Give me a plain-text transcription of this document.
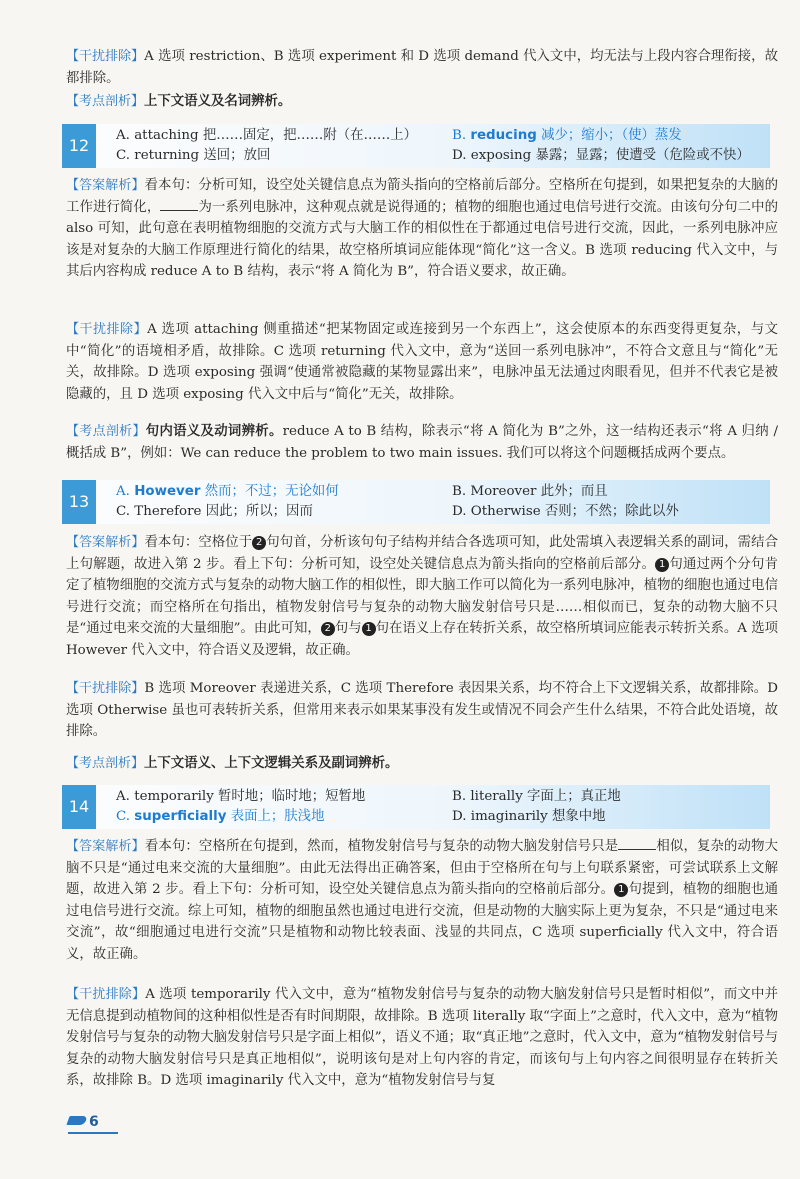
【干扰排除】A 选项 restriction、B 选项 experiment 和 D 选项 demand 代入文中，均无法与上段内容合理衔接，故都排除。

【考点剖析】上下文语义及名词辨析。

12
A. attaching 把……固定，把……附（在……上）	B. reducing 减少；缩小；（使）蒸发
C. returning 送回；放回	D. exposing 暴露；显露；使遭受（危险或不快）

【答案解析】看本句：分析可知，设空处关键信息点为箭头指向的空格前后部分。空格所在句提到，如果把复杂的大脑的工作进行简化，	为一系列电脉冲，这种观点就是说得通的；植物的细胞也通过电信号进行交流。由该句分句二中的 also 可知，此句意在表明植物细胞的交流方式与大脑工作的相似性在于都通过电信号进行交流，因此，一系列电脉冲应该是对复杂的大脑工作原理进行简化的结果，故空格所填词应能体现“简化”这一含义。B 选项 reducing 代入文中，与其后内容构成 reduce A to B 结构，表示“将 A 简化为 B”，符合语义要求，故正确。

【干扰排除】A 选项 attaching 侧重描述“把某物固定或连接到另一个东西上”，这会使原本的东西变得更复杂，与文中“简化”的语境相矛盾，故排除。C 选项 returning 代入文中，意为“送回一系列电脉冲”，不符合文意且与“简化”无关，故排除。D 选项 exposing 强调“使通常被隐藏的某物显露出来”，电脉冲虽无法通过肉眼看见，但并不代表它是被隐藏的，且 D 选项 exposing 代入文中后与“简化”无关，故排除。

【考点剖析】句内语义及动词辨析。reduce A to B 结构，除表示“将 A 简化为 B”之外，这一结构还表示“将 A 归纳 / 概括成 B”，例如：We can reduce the problem to two main issues. 我们可以将这个问题概括成两个要点。

13
A. However 然而；不过；无论如何	B. Moreover 此外；而且
C. Therefore 因此；所以；因而	D. Otherwise 否则；不然；除此以外

【答案解析】看本句：空格位于 2 句句首，分析该句句子结构并结合各选项可知，此处需填入表逻辑关系的副词，需结合上句解题，故进入第 2 步。看上下句：分析可知，设空处关键信息点为箭头指向的空格前后部分。 1 句通过两个分句肯定了植物细胞的交流方式与复杂的动物大脑工作的相似性，即大脑工作可以简化为一系列电脉冲，植物的细胞也通过电信号进行交流；而空格所在句指出，植物发射信号与复杂的动物大脑发射信号只是……相似而已，复杂的动物大脑不只是“通过电来交流的大量细胞”。由此可知， 2 句与 1 句在语义上存在转折关系，故空格所填词应能表示转折关系。A 选项 However 代入文中，符合语义及逻辑，故正确。

【干扰排除】B 选项 Moreover 表递进关系，C 选项 Therefore 表因果关系，均不符合上下文逻辑关系，故都排除。D 选项 Otherwise 虽也可表转折关系，但常用来表示如果某事没有发生或情况不同会产生什么结果，不符合此处语境，故排除。

【考点剖析】上下文语义、上下文逻辑关系及副词辨析。

14
A. temporarily 暂时地；临时地；短暂地	B. literally 字面上；真正地
C. superficially 表面上；肤浅地	D. imaginarily 想象中地

【答案解析】看本句：空格所在句提到，然而，植物发射信号与复杂的动物大脑发射信号只是	相似，复杂的动物大脑不只是“通过电来交流的大量细胞”。由此无法得出正确答案，但由于空格所在句与上句联系紧密，可尝试联系上文解题，故进入第 2 步。看上下句：分析可知，设空处关键信息点为箭头指向的空格前后部分。 1 句提到，植物的细胞也通过电信号进行交流。综上可知，植物的细胞虽然也通过电进行交流，但是动物的大脑实际上更为复杂，不只是“通过电来交流”，故“细胞通过电进行交流”只是植物和动物比较表面、浅显的共同点，C 选项 superficially 代入文中，符合语义，故正确。

【干扰排除】A 选项 temporarily 代入文中，意为“植物发射信号与复杂的动物大脑发射信号只是暂时相似”，而文中并无信息提到动植物间的这种相似性是否有时间期限，故排除。B 选项 literally 取“字面上”之意时，代入文中，意为“植物发射信号与复杂的动物大脑发射信号只是字面上相似”，语义不通；取“真正地”之意时，代入文中，意为“植物发射信号与复杂的动物大脑发射信号只是真正地相似”，说明该句是对上句内容的肯定，而该句与上句内容之间很明显存在转折关系，故排除 B。D 选项 imaginarily 代入文中，意为“植物发射信号与复

6
